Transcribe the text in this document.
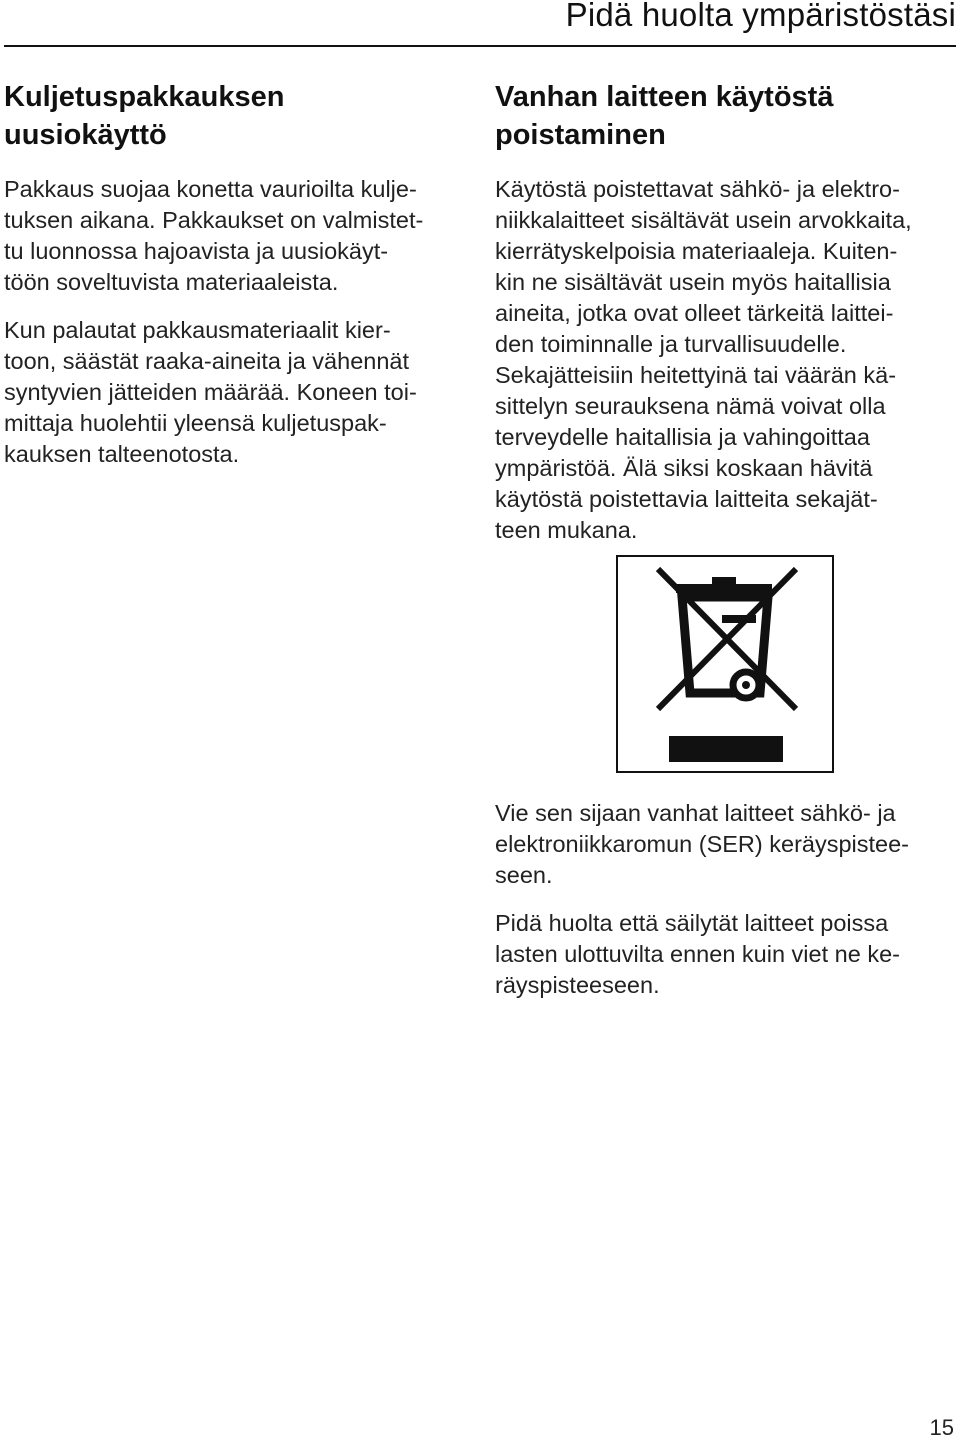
Pidä huolta ympäristöstäsi
Kuljetuspakkauksen
uusiokäyttö

Pakkaus suojaa konetta vaurioilta kulje-
tuksen aikana. Pakkaukset on valmistet-
tu luonnossa hajoavista ja uusiokäyt-
töön soveltuvista materiaaleista.

Kun palautat pakkausmateriaalit kier-
toon, säästät raaka-aineita ja vähennät
syntyvien jätteiden määrää. Koneen toi-
mittaja huolehtii yleensä kuljetuspak-
kauksen talteenotosta.

Vanhan laitteen käytöstä
poistaminen

Käytöstä poistettavat sähkö- ja elektro-
niikkalaitteet sisältävät usein arvokkaita,
kierrätyskelpoisia materiaaleja. Kuiten-
kin ne sisältävät usein myös haitallisia
aineita, jotka ovat olleet tärkeitä laittei-
den toiminnalle ja turvallisuudelle.
Sekajätteisiin heitettyinä tai väärän kä-
sittelyn seurauksena nämä voivat olla
terveydelle haitallisia ja vahingoittaa
ympäristöä. Älä siksi koskaan hävitä
käytöstä poistettavia laitteita sekajät-
teen mukana.

Vie sen sijaan vanhat laitteet sähkö- ja
elektroniikkaromun (SER) keräyspistee-
seen.

Pidä huolta että säilytät laitteet poissa
lasten ulottuvilta ennen kuin viet ne ke-
räyspisteeseen.

15
